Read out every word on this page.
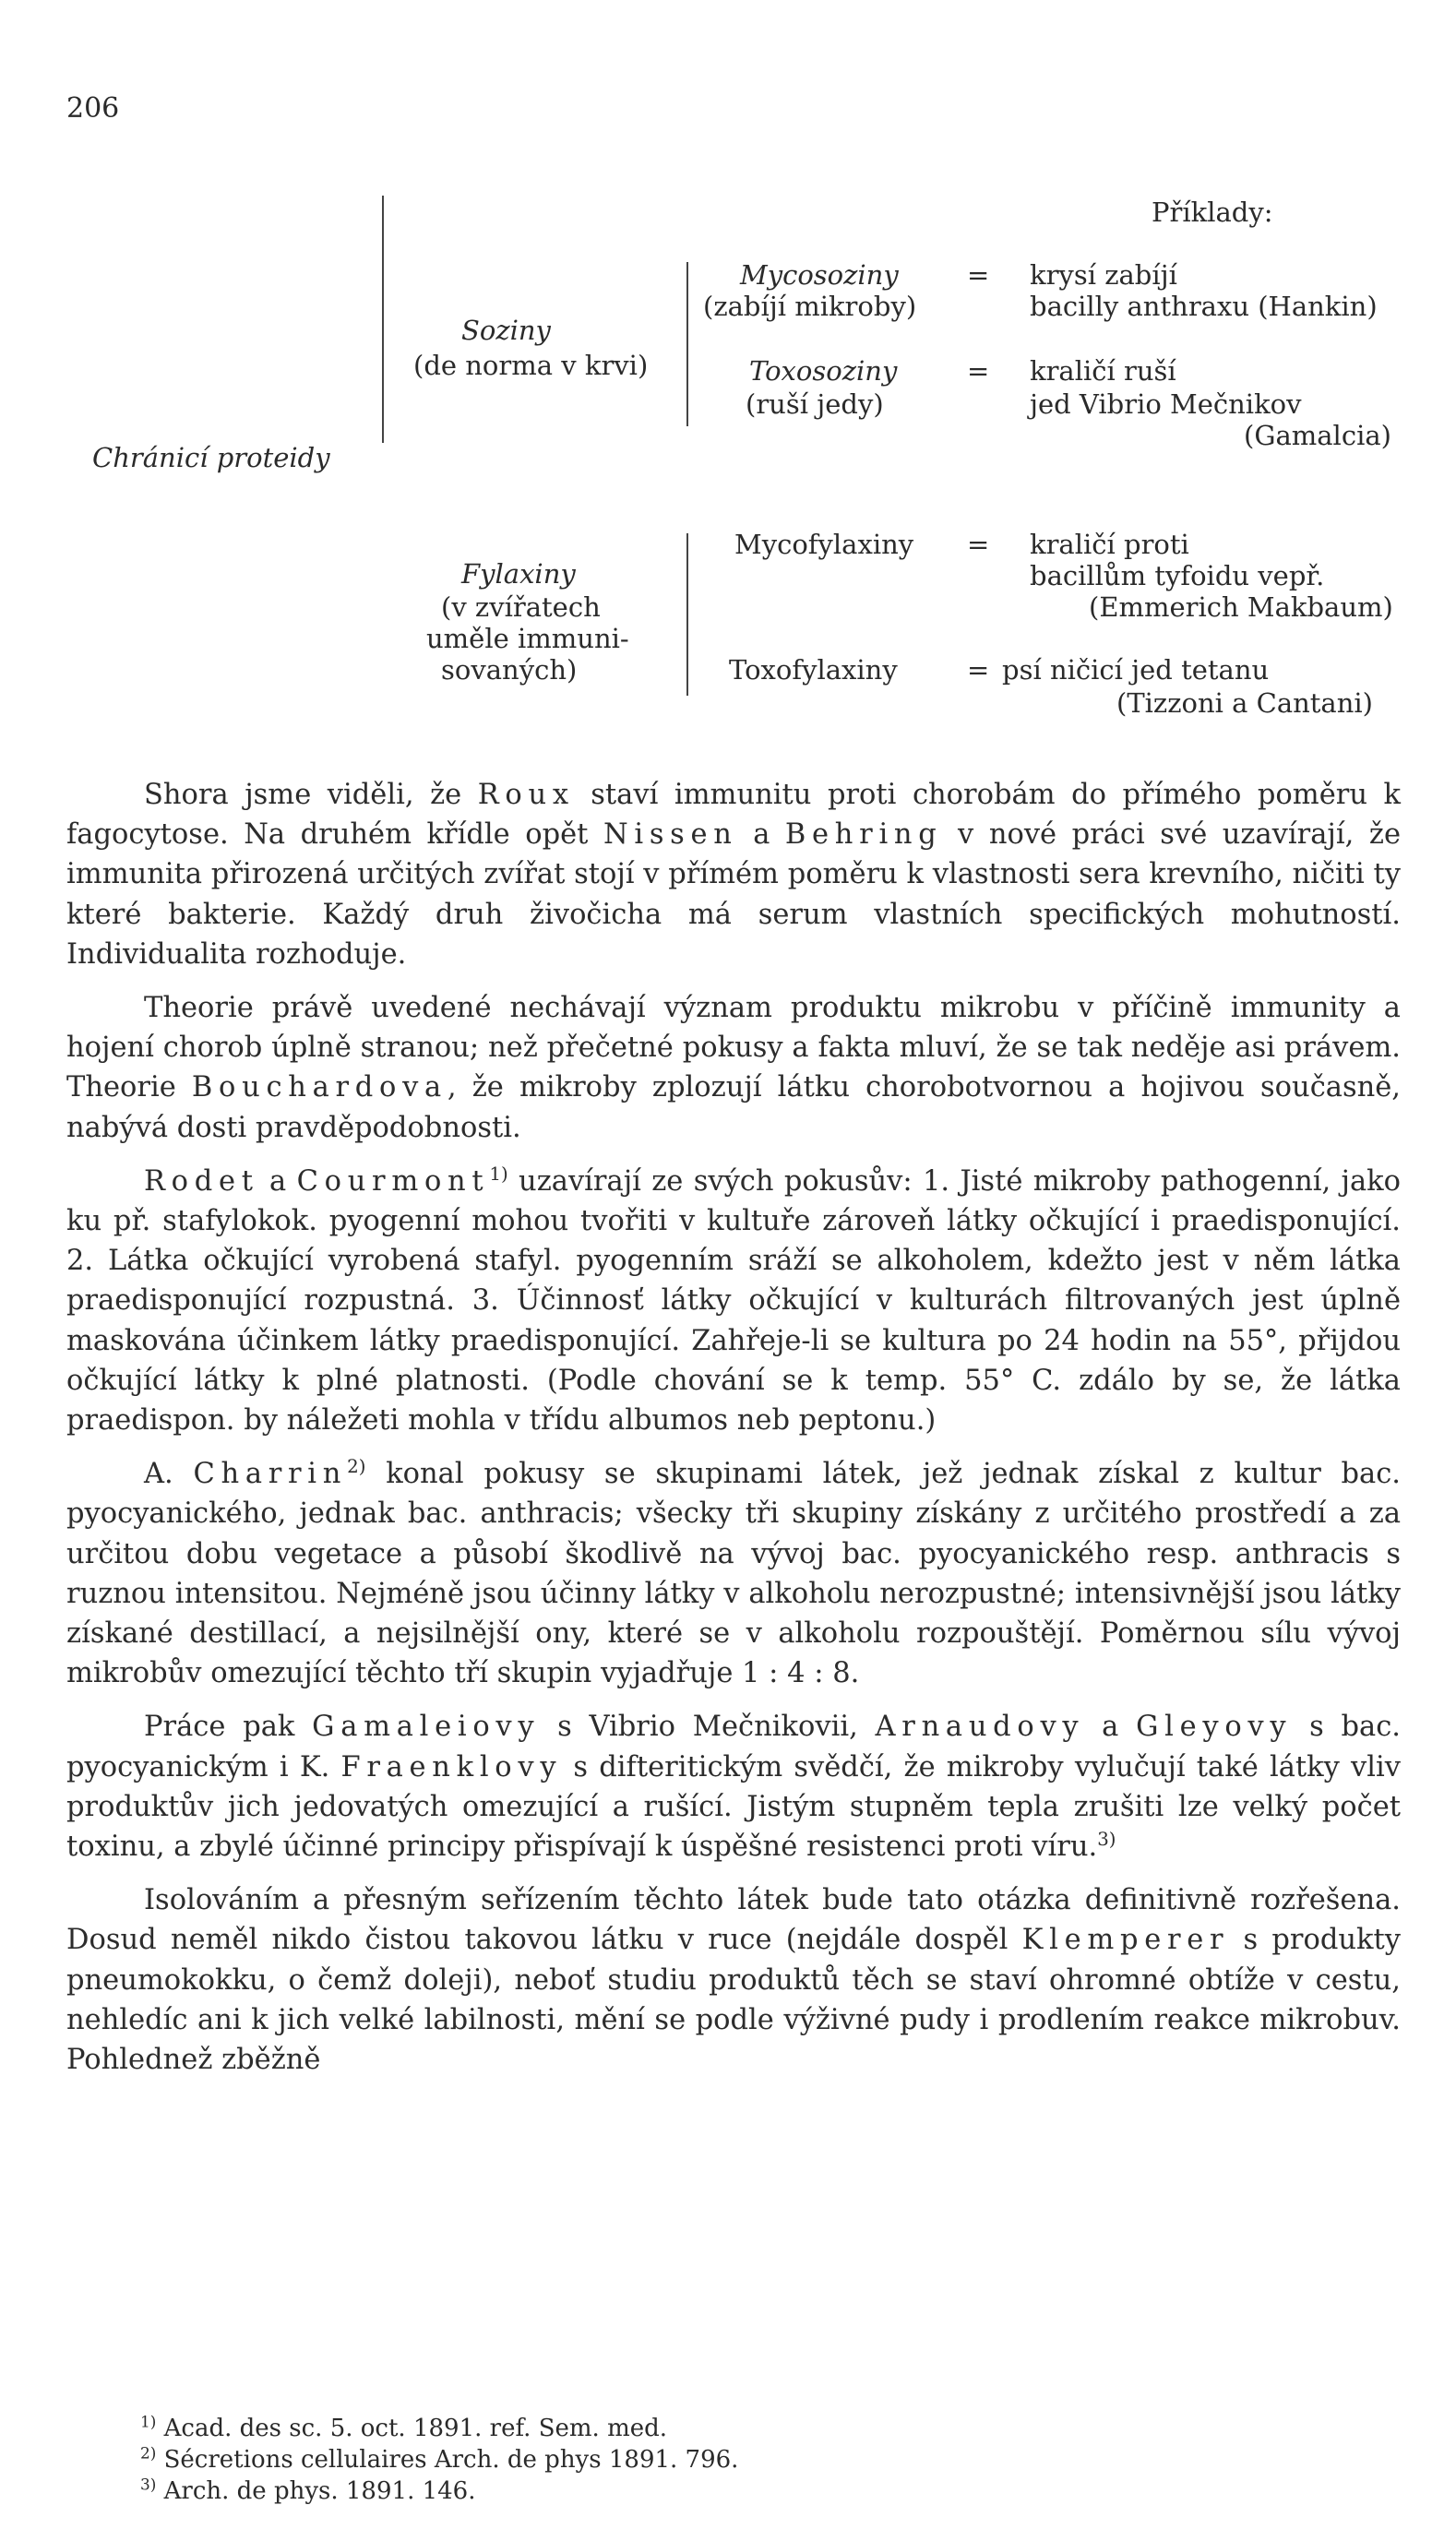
206
Příklady:
Chránicí proteidy
Soziny
(de norma v krvi)
Mycosoziny
(zabíjí mikroby)
= krysí zabíjí
bacilly anthraxu (Hankin)
Toxosoziny
(ruší jedy)
= kraličí ruší
jed Vibrio Mečnikov
(Gamalcia)
Fylaxiny
(v zvířatech
uměle immuni-
sovaných)
Mycofylaxiny = kraličí proti
bacillům tyfoidu vepř.
(Emmerich Makbaum)
Toxofylaxiny	= psí ničicí jed tetanu
(Tizzoni a Cantani)

Shora jsme viděli, že Roux staví immunitu proti chorobám do přímého poměru k fagocytose. Na druhém křídle opět Nissen a Behring v nové práci své uzavírají, že immunita přirozená určitých zvířat stojí v přímém poměru k vlastnosti sera krevního, ničiti ty které bakterie. Každý druh živočicha má serum vlastních specifických mohutností. Individualita rozhoduje.

Theorie právě uvedené nechávají význam produktu mikrobu v příčině immunity a hojení chorob úplně stranou; než přečetné pokusy a fakta mluví, že se tak neděje asi právem. Theorie Bouchardova, že mikroby zplozují látku chorobotvornou a hojivou současně, nabývá dosti pravděpodobnosti.

Rodet a Courmont$^{1)}$ uzavírají ze svých pokusův: 1. Jisté mikroby pathogenní, jako ku př. stafylokok. pyogenní mohou tvořiti v kultuře zároveň látky očkující i praedisponující. 2. Látka očkující vyrobená stafyl. pyogenním sráží se alkoholem, kdežto jest v něm látka praedisponující rozpustná. 3. Účinnosť látky očkující v kulturách filtrovaných jest úplně maskována účinkem látky praedisponující. Zahřeje-li se kultura po 24 hodin na 55°, přijdou očkující látky k plné platnosti. (Podle chování se k temp. 55° C. zdálo by se, že látka praedispon. by náležeti mohla v třídu albumos neb peptonu.)

A. Charrin$^{2)}$ konal pokusy se skupinami látek, jež jednak získal z kultur bac. pyocyanického, jednak bac. anthracis; všecky tři skupiny získány z určitého prostředí a za určitou dobu vegetace a působí škodlivě na vývoj bac. pyocyanického resp. anthracis s ruznou intensitou. Nejméně jsou účinny látky v alkoholu nerozpustné; intensivnější jsou látky získané destillací, a nejsilnější ony, které se v alkoholu rozpouštějí. Poměrnou sílu vývoj mikrobův omezující těchto tří skupin vyjadřuje 1 : 4 : 8.

Práce pak Gamaleiovy s Vibrio Mečnikovii, Arnaudovy a Gleyovy s bac. pyocyanickým i K. Fraenklovy s difteritickým svědčí, že mikroby vylučují také látky vliv produktův jich jedovatých omezující a rušící. Jistým stupněm tepla zrušiti lze velký počet toxinu, a zbylé účinné principy přispívají k úspěšné resistenci proti víru.$^{3)}$

Isolováním a přesným seřízením těchto látek bude tato otázka definitivně rozřešena. Dosud neměl nikdo čistou takovou látku v ruce (nejdále dospěl Klemperer s produkty pneumokokku, o čemž doleji), neboť studiu produktů těch se staví ohromné obtíže v cestu, nehledíc ani k jich velké labilnosti, mění se podle výživné pudy i prodlením reakce mikrobuv. Pohlednež zběžně

$^{1)}$ Acad. des sc. 5. oct. 1891. ref. Sem. med.
$^{2)}$ Sécretions cellulaires Arch. de phys 1891. 796.
$^{3)}$ Arch. de phys. 1891. 146.
